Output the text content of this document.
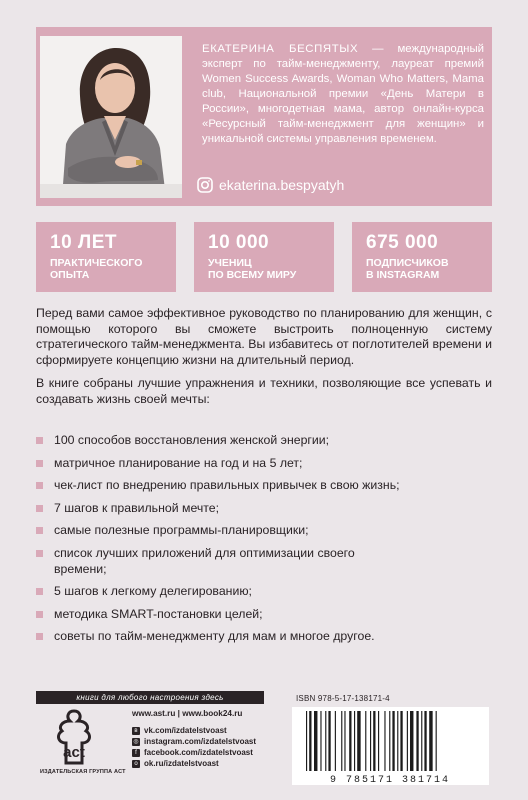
ЕКАТЕРИНА БЕСПЯТЫХ — международный эксперт по тайм-менеджменту, лауреат премий Women Success Awards, Woman Who Matters, Mama club, Национальной премии «День Матери в России», многодетная мама, автор онлайн-курса «Ресурсный тайм-менеджмент для женщин» и уникальной системы управления временем.

ekaterina.bespyatyh
10 ЛЕТ
ПРАКТИЧЕСКОГО
ОПЫТА
10 000
УЧЕНИЦ
ПО ВСЕМУ МИРУ
675 000
ПОДПИСЧИКОВ
В INSTAGRAM

Перед вами самое эффективное руководство по планированию для женщин, с помощью которого вы сможете выстроить полноценную систему стратегического тайм-менеджмента. Вы избавитесь от поглотителей времени и сформируете концепцию жизни на длительный период.

В книге собраны лучшие упражнения и техники, позволяющие все успевать и создавать жизнь своей мечты:

100 способов восстановления женской энергии;
матричное планирование на год и на 5 лет;
чек-лист по внедрению правильных привычек в свою жизнь;
7 шагов к правильной мечте;
самые полезные программы-планировщики;
список лучших приложений для оптимизации своего времени;
5 шагов к легкому делегированию;
методика SMART-постановки целей;
советы по тайм-менеджменту для мам и многое другое.
книги для любого настроения здесь
act
ИЗДАТЕЛЬСКАЯ ГРУППА АСТ
www.ast.ru | www.book24.ru
в vk.com/izdatelstvoast
◎ instagram.com/izdatelstvoast
f facebook.com/izdatelstvoast
о ok.ru/izdatelstvoast
ISBN 978-5-17-138171-4
9 785171 381714
